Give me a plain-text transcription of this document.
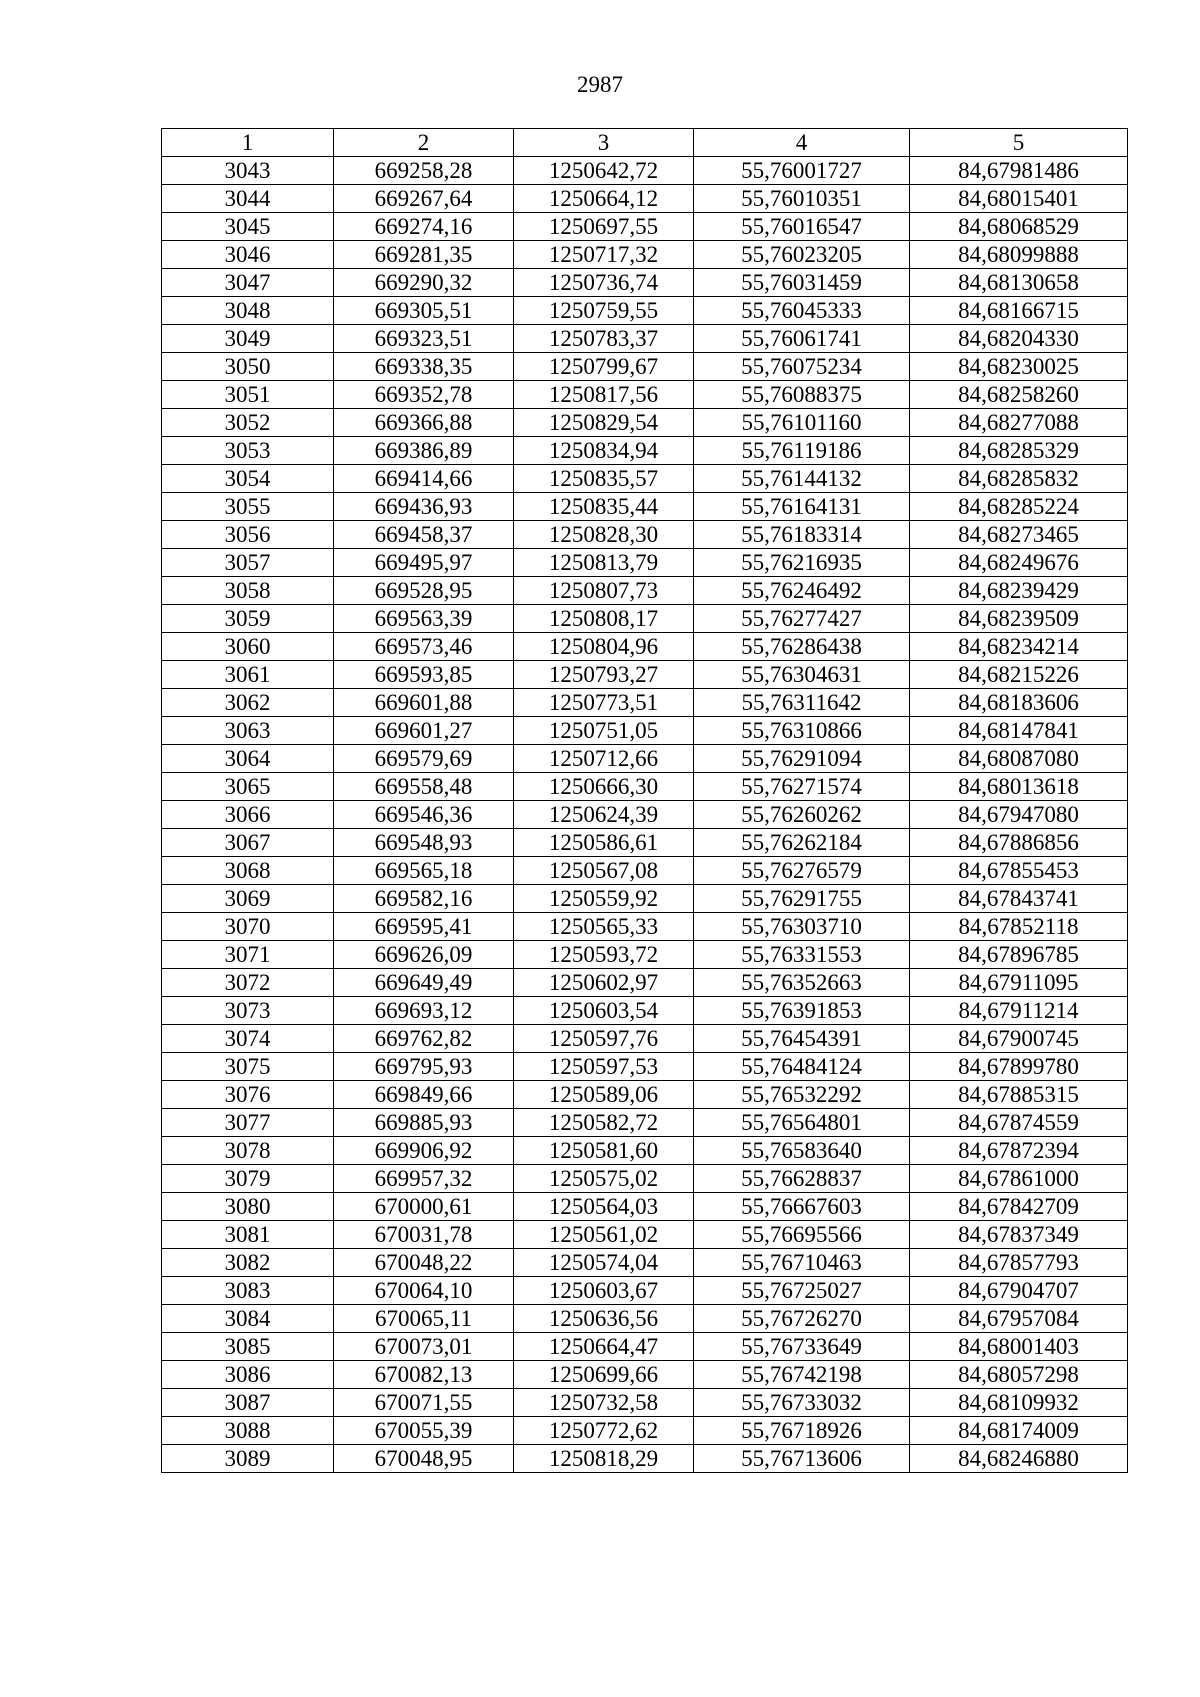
2987
1	2	3	4	5
3043	669258,28	1250642,72	55,76001727	84,67981486
3044	669267,64	1250664,12	55,76010351	84,68015401
3045	669274,16	1250697,55	55,76016547	84,68068529
3046	669281,35	1250717,32	55,76023205	84,68099888
3047	669290,32	1250736,74	55,76031459	84,68130658
3048	669305,51	1250759,55	55,76045333	84,68166715
3049	669323,51	1250783,37	55,76061741	84,68204330
3050	669338,35	1250799,67	55,76075234	84,68230025
3051	669352,78	1250817,56	55,76088375	84,68258260
3052	669366,88	1250829,54	55,76101160	84,68277088
3053	669386,89	1250834,94	55,76119186	84,68285329
3054	669414,66	1250835,57	55,76144132	84,68285832
3055	669436,93	1250835,44	55,76164131	84,68285224
3056	669458,37	1250828,30	55,76183314	84,68273465
3057	669495,97	1250813,79	55,76216935	84,68249676
3058	669528,95	1250807,73	55,76246492	84,68239429
3059	669563,39	1250808,17	55,76277427	84,68239509
3060	669573,46	1250804,96	55,76286438	84,68234214
3061	669593,85	1250793,27	55,76304631	84,68215226
3062	669601,88	1250773,51	55,76311642	84,68183606
3063	669601,27	1250751,05	55,76310866	84,68147841
3064	669579,69	1250712,66	55,76291094	84,68087080
3065	669558,48	1250666,30	55,76271574	84,68013618
3066	669546,36	1250624,39	55,76260262	84,67947080
3067	669548,93	1250586,61	55,76262184	84,67886856
3068	669565,18	1250567,08	55,76276579	84,67855453
3069	669582,16	1250559,92	55,76291755	84,67843741
3070	669595,41	1250565,33	55,76303710	84,67852118
3071	669626,09	1250593,72	55,76331553	84,67896785
3072	669649,49	1250602,97	55,76352663	84,67911095
3073	669693,12	1250603,54	55,76391853	84,67911214
3074	669762,82	1250597,76	55,76454391	84,67900745
3075	669795,93	1250597,53	55,76484124	84,67899780
3076	669849,66	1250589,06	55,76532292	84,67885315
3077	669885,93	1250582,72	55,76564801	84,67874559
3078	669906,92	1250581,60	55,76583640	84,67872394
3079	669957,32	1250575,02	55,76628837	84,67861000
3080	670000,61	1250564,03	55,76667603	84,67842709
3081	670031,78	1250561,02	55,76695566	84,67837349
3082	670048,22	1250574,04	55,76710463	84,67857793
3083	670064,10	1250603,67	55,76725027	84,67904707
3084	670065,11	1250636,56	55,76726270	84,67957084
3085	670073,01	1250664,47	55,76733649	84,68001403
3086	670082,13	1250699,66	55,76742198	84,68057298
3087	670071,55	1250732,58	55,76733032	84,68109932
3088	670055,39	1250772,62	55,76718926	84,68174009
3089	670048,95	1250818,29	55,76713606	84,68246880
